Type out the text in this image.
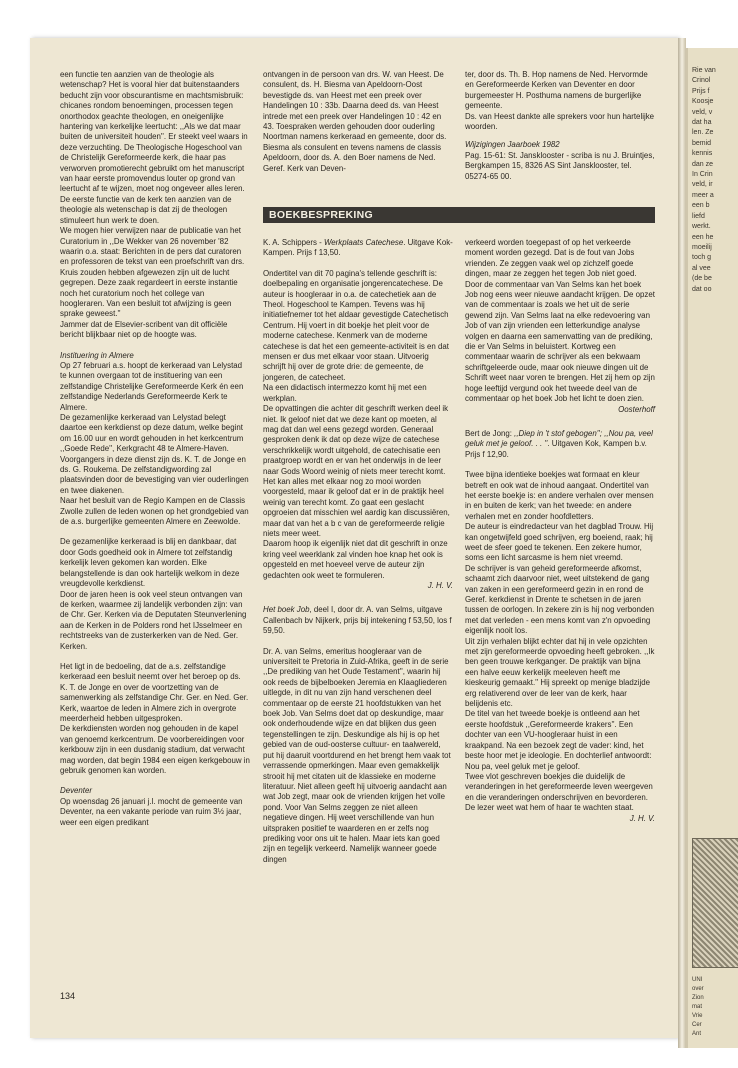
Rie van
Crinol
Prijs f
Koosje
veld, v
dat ha
len. Ze
bemid
kennis
dan ze
In Crin
veld, ir
meer a
een b
liefd
werkt.
een he
moeilij
toch g
al vee
(de be
dat oo
UNI
over
Zion
mat
Vrie
Cer
Ant

een functie ten aanzien van de theologie als wetenschap? Het is vooral hier dat buitenstaanders beducht zijn voor obscurantisme en machtsmisbruik: chicanes rondom benoemingen, processen tegen onorthodox geachte theologen, en oneigenlijke hantering van kerkelijke leertucht: ,,Als we dat maar buiten de universiteit houden''. Er steekt veel waars in deze verzuchting. De Theologische Hogeschool van de Christelijk Gereformeerde kerk, die haar pas verworven promotierecht gebruikt om het manuscript van haar eerste promovendus louter op grond van leertucht af te wijzen, moet nog ongeveer alles leren. De eerste functie van de kerk ten aanzien van de theologie als wetenschap is dat zij de theologen stimuleert hun werk te doen.

We mogen hier verwijzen naar de publicatie van het Curatorium in ,,De Wekker van 26 november '82 waarin o.a. staat: Berichten in de pers dat curatoren en professoren de tekst van een proefschrift van drs. Kruis zouden hebben afgewezen zijn uit de lucht gegrepen. Deze zaak regardeert in eerste instantie noch het curatorium noch het college van hoogleraren. Van een besluit tot afwijzing is geen sprake geweest.''

Jammer dat de Elsevier-scribent van dit officiële bericht blijkbaar niet op de hoogte was.

Instituering in Almere

Op 27 februari a.s. hoopt de kerkeraad van Lelystad te kunnen overgaan tot de instituering van een zelfstandige Christelijke Gereformeerde Kerk én een zelfstandige Nederlands Gereformeerde Kerk te Almere.

De gezamenlijke kerkeraad van Lelystad belegt daartoe een kerkdienst op deze datum, welke begint om 16.00 uur en wordt gehouden in het kerkcentrum ,,Goede Rede'', Kerkgracht 48 te Almere-Haven.

Voorgangers in deze dienst zijn ds. K. T. de Jonge en ds. G. Roukema. De zelfstandigwording zal plaatsvinden door de bevestiging van vier ouderlingen en twee diakenen.

Naar het besluit van de Regio Kampen en de Classis Zwolle zullen de leden wonen op het grondgebied van de a.s. burgerlijke gemeenten Almere en Zeewolde.

De gezamenlijke kerkeraad is blij en dankbaar, dat door Gods goedheid ook in Almere tot zelfstandig kerkelijk leven gekomen kan worden. Elke belangstellende is dan ook hartelijk welkom in deze vreugdevolle kerkdienst.

Door de jaren heen is ook veel steun ontvangen van de kerken, waarmee zij landelijk verbonden zijn: van de Chr. Ger. Kerken via de Deputaten Steunverlening aan de Kerken in de Polders rond het IJsselmeer en rechtstreeks van de zusterkerken van de Ned. Ger. Kerken.

Het ligt in de bedoeling, dat de a.s. zelfstandige kerkeraad een besluit neemt over het beroep op ds. K. T. de Jonge en over de voortzetting van de samenwerking als zelfstandige Chr. Ger. en Ned. Ger. Kerk, waartoe de leden in Almere zich in overgrote meerderheid hebben uitgesproken.

De kerkdiensten worden nog gehouden in de kapel van genoemd kerkcentrum. De voorbereidingen voor kerkbouw zijn in een dusdanig stadium, dat verwacht mag worden, dat begin 1984 een eigen kerkgebouw in gebruik genomen kan worden.

Deventer

Op woensdag 26 januari j.l. mocht de gemeente van Deventer, na een vakante periode van ruim 3½ jaar, weer een eigen predikant

ontvangen in de persoon van drs. W. van Heest. De consulent, ds. H. Biesma van Apeldoorn-Oost bevestigde ds. van Heest met een preek over Handelingen 10 : 33b. Daarna deed ds. van Heest intrede met een preek over Handelingen 10 : 42 en 43. Toespraken werden gehouden door ouderling Noortman namens kerkeraad en gemeente, door ds. Biesma als consulent en tevens namens de classis Apeldoorn, door ds. A. den Boer namens de Ned. Geref. Kerk van Deven-

ter, door ds. Th. B. Hop namens de Ned. Hervormde en Gereformeerde Kerken van Deventer en door burgemeester H. Posthuma namens de burgerlijke gemeente.

Ds. van Heest dankte alle sprekers voor hun hartelijke woorden.

Wijzigingen Jaarboek 1982

Pag. 15-61: St. Jansklooster - scriba is nu J. Bruintjes, Bergkampen 15, 8326 AS Sint Jansklooster, tel. 05274-65 00.

BOEKBESPREKING

K. A. Schippers - Werkplaats Catechese. Uitgave Kok-Kampen. Prijs f 13,50.

Ondertitel van dit 70 pagina's tellende geschrift is: doelbepaling en organisatie jongerencatechese. De auteur is hoogleraar in o.a. de catechetiek aan de Theol. Hogeschool te Kampen. Tevens was hij initiatiefnemer tot het aldaar gevestigde Catechetisch Centrum. Hij voert in dit boekje het pleit voor de moderne catechese. Kenmerk van de moderne catechese is dat het een gemeente-activiteit is en dat mensen er dus met elkaar voor staan. Uitvoerig schrijft hij over de grote drie: de gemeente, de jongeren, de catecheet.

Na een didactisch intermezzo komt hij met een werkplan.

De opvattingen die achter dit geschrift werken deel ik niet. Ik geloof niet dat we deze kant op moeten, al mag dat dan wel eens gezegd worden. Generaal gesproken denk ik dat op deze wijze de catechese verschrikkelijk wordt uitgehold, de catechisatie een praatgroep wordt en er van het onderwijs in de leer naar Gods Woord weinig of niets meer terecht komt.

Het kan alles met elkaar nog zo mooi worden voorgesteld, maar ik geloof dat er in de praktijk heel weinig van terecht komt. Zo gaat een geslacht opgroeien dat misschien wel aardig kan discussiëren, maar dat van het a b c van de gereformeerde religie niets meer weet.

Daarom hoop ik eigenlijk niet dat dit geschrift in onze kring veel weerklank zal vinden hoe knap het ook is opgesteld en met hoeveel verve de auteur zijn gedachten ook weet te formuleren.

J. H. V.

Het boek Job, deel I, door dr. A. van Selms, uitgave Callenbach bv Nijkerk, prijs bij intekening f 53,50, los f 59,50.

Dr. A. van Selms, emeritus hoogleraar van de universiteit te Pretoria in Zuid-Afrika, geeft in de serie ,,De prediking van het Oude Testament'', waarin hij ook reeds de bijbelboeken Jeremia en Klaagliederen uitlegde, in dit nu van zijn hand verschenen deel commentaar op de eerste 21 hoofdstukken van het boek Job. Van Selms doet dat op deskundige, maar ook onderhoudende wijze en dat blijken dus geen tegenstellingen te zijn. Deskundige als hij is op het gebied van de oud-oosterse cultuur- en taalwereld, put hij daaruit voortdurend en het brengt hem vaak tot verrassende opmerkingen. Maar even gemakkelijk strooit hij met citaten uit de klassieke en moderne literatuur. Niet alleen geeft hij uitvoerig aandacht aan wat Job zegt, maar ook de vrienden krijgen het volle pond. Voor Van Selms zeggen ze niet alleen negatieve dingen. Hij weet verschillende van hun uitspraken positief te waarderen en er zelfs nog prediking voor ons uit te halen. Maar iets kan goed zijn en tegelijk verkeerd. Namelijk wanneer goede dingen

verkeerd worden toegepast of op het verkeerde moment worden gezegd. Dat is de fout van Jobs vrienden. Ze zeggen vaak wel op zichzelf goede dingen, maar ze zeggen het tegen Job niet goed. Door de commentaar van Van Selms kan het boek Job nog eens weer nieuwe aandacht krijgen. De opzet van de commentaar is zoals we het uit de serie gewend zijn. Van Selms laat na elke redevoering van Job of van zijn vrienden een letterkundige analyse volgen en daarna een samenvatting van de prediking, die er Van Selms in beluistert. Kortweg een commentaar waarin de schrijver als een bekwaam schriftgeleerde oude, maar ook nieuwe dingen uit de Schrift weet naar voren te brengen. Het zij hem op zijn hoge leeftijd vergund ook het tweede deel van de commentaar op het boek Job het licht te doen zien.

Oosterhoff

Bert de Jong: ,,Diep in 't stof gebogen''; ,,Nou pa, veel geluk met je geloof. . . ''. Uitgaven Kok, Kampen b.v. Prijs f 12,90.

Twee bijna identieke boekjes wat formaat en kleur betreft en ook wat de inhoud aangaat. Ondertitel van het eerste boekje is: en andere verhalen over mensen in en buiten de kerk; van het tweede: en andere verhalen met en zonder hoofdletters.

De auteur is eindredacteur van het dagblad Trouw. Hij kan ongetwijfeld goed schrijven, erg boeiend, raak; hij weet de sfeer goed te tekenen. Een zekere humor, soms een licht sarcasme is hem niet vreemd.

De schrijver is van geheid gereformeerde afkomst, schaamt zich daarvoor niet, weet uitstekend de gang van zaken in een gereformeerd gezin in en rond de Geref. kerkdienst in Drente te schetsen in de jaren tussen de oorlogen. In zekere zin is hij nog verbonden met dat verleden - een mens komt van z'n opvoeding eigenlijk nooit los.

Uit zijn verhalen blijkt echter dat hij in vele opzichten met zijn gereformeerde opvoeding heeft gebroken. ,,Ik ben geen trouwe kerkganger. De praktijk van bijna een halve eeuw kerkelijk meeleven heeft me kieskeurig gemaakt.'' Hij spreekt op menige bladzijde erg relativerend over de leer van de kerk, haar belijdenis etc.

De titel van het tweede boekje is ontleend aan het eerste hoofdstuk ,,Gereformeerde krakers''. Een dochter van een VU-hoogleraar huist in een kraakpand. Na een bezoek zegt de vader: kind, het beste hoor met je ideologie. En dochterlief antwoordt: Nou pa, veel geluk met je geloof.

Twee vlot geschreven boekjes die duidelijk de veranderingen in het gereformeerde leven weergeven en die veranderingen onderschrijven en bevorderen.

De lezer weet wat hem of haar te wachten staat.

J. H. V.

134
